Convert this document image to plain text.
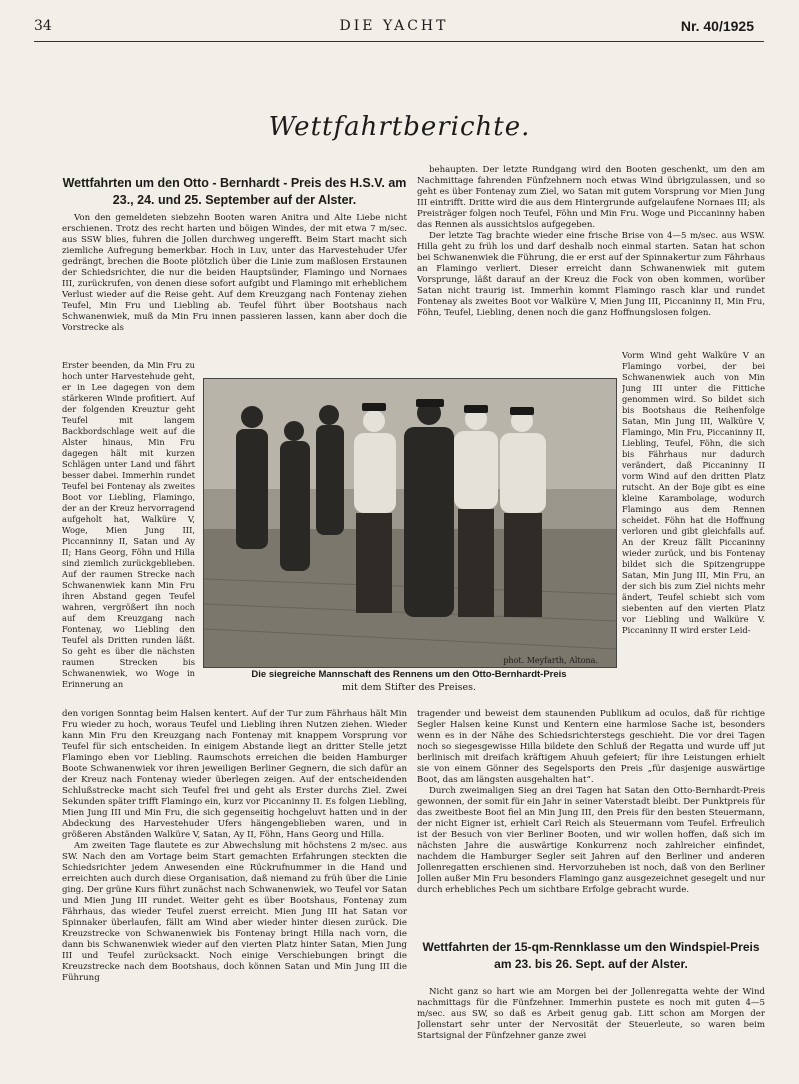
34	DIE YACHT	Nr. 40/1925
Wettfahrtberichte.
Wettfahrten um den Otto - Bernhardt - Preis des H.S.V. am 23., 24. und 25. September auf der Alster.

Von den gemeldeten siebzehn Booten waren Anitra und Alte Liebe nicht erschienen. Trotz des recht harten und böigen Windes, der mit etwa 7 m/sec. aus SSW blies, fuhren die Jollen durchweg ungerefft. Beim Start macht sich ziemliche Aufregung bemerkbar. Hoch in Luv, unter das Harvestehuder Ufer gedrängt, brechen die Boote plötzlich über die Linie zum maßlosen Erstaunen der Schiedsrichter, die nur die beiden Hauptsünder, Flamingo und Nornaes III, zurückrufen, von denen diese sofort aufgibt und Flamingo mit erheblichem Verlust wieder auf die Reise geht. Auf dem Kreuzgang nach Fontenay ziehen Teufel, Min Fru und Liebling ab. Teufel führt über Bootshaus nach Schwanenwiek, muß da Min Fru innen passieren lassen, kann aber doch die Vorstrecke als

behaupten. Der letzte Rundgang wird den Booten geschenkt, um den am Nachmittage fahrenden Fünfzehnern noch etwas Wind übrigzulassen, und so geht es über Fontenay zum Ziel, wo Satan mit gutem Vorsprung vor Mien Jung III eintrifft. Dritte wird die aus dem Hintergrunde aufgelaufene Nornaes III; als Preisträger folgen noch Teufel, Föhn und Min Fru. Woge und Piccaninny haben das Rennen als aussichtslos aufgegeben.

Der letzte Tag brachte wieder eine frische Brise von 4—5 m/sec. aus WSW. Hilla geht zu früh los und darf deshalb noch einmal starten. Satan hat schon bei Schwanenwiek die Führung, die er erst auf der Spinnakertur zum Fährhaus an Flamingo verliert. Dieser erreicht dann Schwanenwiek mit gutem Vorsprunge, läßt darauf an der Kreuz die Fock von oben kommen, worüber Satan nicht traurig ist. Immerhin kommt Flamingo rasch klar und rundet Fontenay als zweites Boot vor Walküre V, Mien Jung III, Piccaninny II, Min Fru, Föhn, Teufel, Liebling, denen noch die ganz Hoffnungslosen folgen.

Erster beenden, da Min Fru zu hoch unter Harvestehude geht, er in Lee dagegen von dem stärkeren Winde profitiert. Auf der folgenden Kreuztur geht Teufel mit langem Backbordschlage weit auf die Alster hinaus, Min Fru dagegen hält mit kurzen Schlägen unter Land und fährt besser dabei. Immerhin rundet Teufel bei Fontenay als zweites Boot vor Liebling, Flamingo, der an der Kreuz hervorragend aufgeholt hat, Walküre V, Woge, Mien Jung III, Piccanninny II, Satan und Ay II; Hans Georg, Föhn und Hilla sind ziemlich zurückgeblieben. Auf der raumen Strecke nach Schwanenwiek kann Min Fru ihren Abstand gegen Teufel wahren, vergrößert ihn noch auf dem Kreuzgang nach Fontenay, wo Liebling den Teufel als Dritten runden läßt. So geht es über die nächsten raumen Strecken bis Schwanenwiek, wo Woge in Erinnerung an

phot. Meyfarth, Altona.
Die siegreiche Mannschaft des Rennens um den Otto-Bernhardt-Preis
mit dem Stifter des Preises.

Vorm Wind geht Walküre V an Flamingo vorbei, der bei Schwanenwiek auch von Min Jung III unter die Fittiche genommen wird. So bildet sich bis Bootshaus die Reihenfolge Satan, Min Jung III, Walküre V, Flamingo, Min Fru, Piccaninny II, Liebling, Teufel, Föhn, die sich bis Fährhaus nur dadurch verändert, daß Piccaninny II vorm Wind auf den dritten Platz rutscht. An der Boje gibt es eine kleine Karambolage, wodurch Flamingo aus dem Rennen scheidet. Föhn hat die Hoffnung verloren und gibt gleichfalls auf. An der Kreuz fällt Piccaninny wieder zurück, und bis Fontenay bildet sich die Spitzengruppe Satan, Min Jung III, Min Fru, an der sich bis zum Ziel nichts mehr ändert, Teufel schiebt sich vom siebenten auf den vierten Platz vor Liebling und Walküre V. Piccaninny II wird erster Leid-

den vorigen Sonntag beim Halsen kentert. Auf der Tur zum Fährhaus hält Min Fru wieder zu hoch, woraus Teufel und Liebling ihren Nutzen ziehen. Wieder kann Min Fru den Kreuzgang nach Fontenay mit knappem Vorsprung vor Teufel für sich entscheiden. In einigem Abstande liegt an dritter Stelle jetzt Flamingo eben vor Liebling. Raumschots erreichen die beiden Hamburger Boote Schwanenwiek vor ihren jeweiligen Berliner Gegnern, die sich dafür an der Kreuz nach Fontenay wieder überlegen zeigen. Auf der entscheidenden Schlußstrecke macht sich Teufel frei und geht als Erster durchs Ziel. Zwei Sekunden später trifft Flamingo ein, kurz vor Piccaninny II. Es folgen Liebling, Mien Jung III und Min Fru, die sich gegenseitig hochgeluvt hatten und in der Abdeckung des Harvestehuder Ufers hängengeblieben waren, und in größeren Abständen Walküre V, Satan, Ay II, Föhn, Hans Georg und Hilla.

Am zweiten Tage flautete es zur Abwechslung mit höchstens 2 m/sec. aus SW. Nach den am Vortage beim Start gemachten Erfahrungen steckten die Schiedsrichter jedem Anwesenden eine Rückrufnummer in die Hand und erreichten auch durch diese Organisation, daß niemand zu früh über die Linie ging. Der grüne Kurs führt zunächst nach Schwanenwiek, wo Teufel vor Satan und Mien Jung III rundet. Weiter geht es über Bootshaus, Fontenay zum Fährhaus, das wieder Teufel zuerst erreicht. Mien Jung III hat Satan vor Spinnaker überlaufen, fällt am Wind aber wieder hinter diesen zurück. Die Kreuzstrecke von Schwanenwiek bis Fontenay bringt Hilla nach vorn, die dann bis Schwanenwiek wieder auf den vierten Platz hinter Satan, Mien Jung III und Teufel zurücksackt. Noch einige Verschiebungen bringt die Kreuzstrecke nach dem Bootshaus, doch können Satan und Min Jung III die Führung

tragender und beweist dem staunenden Publikum ad oculos, daß für richtige Segler Halsen keine Kunst und Kentern eine harmlose Sache ist, besonders wenn es in der Nähe des Schiedsrichterstegs geschieht. Die vor drei Tagen noch so siegesgewisse Hilla bildete den Schluß der Regatta und wurde uff jut berlinisch mit dreifach kräftigem Ahuuh gefeiert; für ihre Leistungen erhielt sie von einem Gönner des Segelsports den Preis „für dasjenige auswärtige Boot, das am längsten ausgehalten hat“.

Durch zweimaligen Sieg an drei Tagen hat Satan den Otto-Bernhardt-Preis gewonnen, der somit für ein Jahr in seiner Vaterstadt bleibt. Der Punktpreis für das zweitbeste Boot fiel an Min Jung III, den Preis für den besten Steuermann, der nicht Eigner ist, erhielt Carl Reich als Steuermann vom Teufel. Erfreulich ist der Besuch von vier Berliner Booten, und wir wollen hoffen, daß sich im nächsten Jahre die auswärtige Konkurrenz noch zahlreicher einfindet, nachdem die Hamburger Segler seit Jahren auf den Berliner und anderen Jollenregatten erschienen sind. Hervorzuheben ist noch, daß von den Berliner Jollen außer Min Fru besonders Flamingo ganz ausgezeichnet gesegelt und nur durch erhebliches Pech um sichtbare Erfolge gebracht wurde.

Wettfahrten der 15-qm-Rennklasse um den Windspiel-Preis am 23. bis 26. Sept. auf der Alster.

Nicht ganz so hart wie am Morgen bei der Jollenregatta wehte der Wind nachmittags für die Fünfzehner. Immerhin pustete es noch mit guten 4—5 m/sec. aus SW, so daß es Arbeit genug gab. Litt schon am Morgen der Jollenstart sehr unter der Nervosität der Steuerleute, so waren beim Startsignal der Fünfzehner ganze zwei
